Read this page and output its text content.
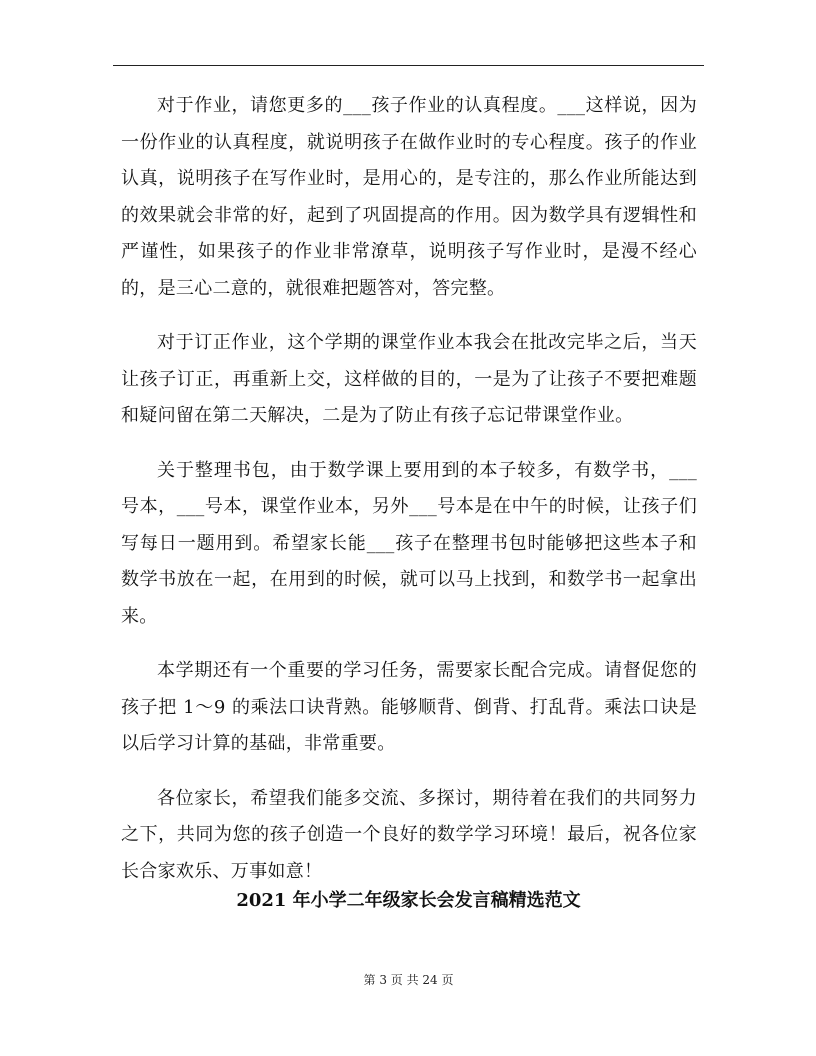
对于作业，请您更多的___孩子作业的认真程度。___这样说，因为一份作业的认真程度，就说明孩子在做作业时的专心程度。孩子的作业认真，说明孩子在写作业时，是用心的，是专注的，那么作业所能达到的效果就会非常的好，起到了巩固提高的作用。因为数学具有逻辑性和严谨性，如果孩子的作业非常潦草，说明孩子写作业时，是漫不经心的，是三心二意的，就很难把题答对，答完整。

对于订正作业，这个学期的课堂作业本我会在批改完毕之后，当天让孩子订正，再重新上交，这样做的目的，一是为了让孩子不要把难题和疑问留在第二天解决，二是为了防止有孩子忘记带课堂作业。

关于整理书包，由于数学课上要用到的本子较多，有数学书，___号本，___号本，课堂作业本，另外___号本是在中午的时候，让孩子们写每日一题用到。希望家长能___孩子在整理书包时能够把这些本子和数学书放在一起，在用到的时候，就可以马上找到，和数学书一起拿出来。

本学期还有一个重要的学习任务，需要家长配合完成。请督促您的孩子把 1～9 的乘法口诀背熟。能够顺背、倒背、打乱背。乘法口诀是以后学习计算的基础，非常重要。

各位家长，希望我们能多交流、多探讨，期待着在我们的共同努力之下，共同为您的孩子创造一个良好的数学学习环境！最后，祝各位家长合家欢乐、万事如意！

2021 年小学二年级家长会发言稿精选范文
第 3 页 共 24 页
